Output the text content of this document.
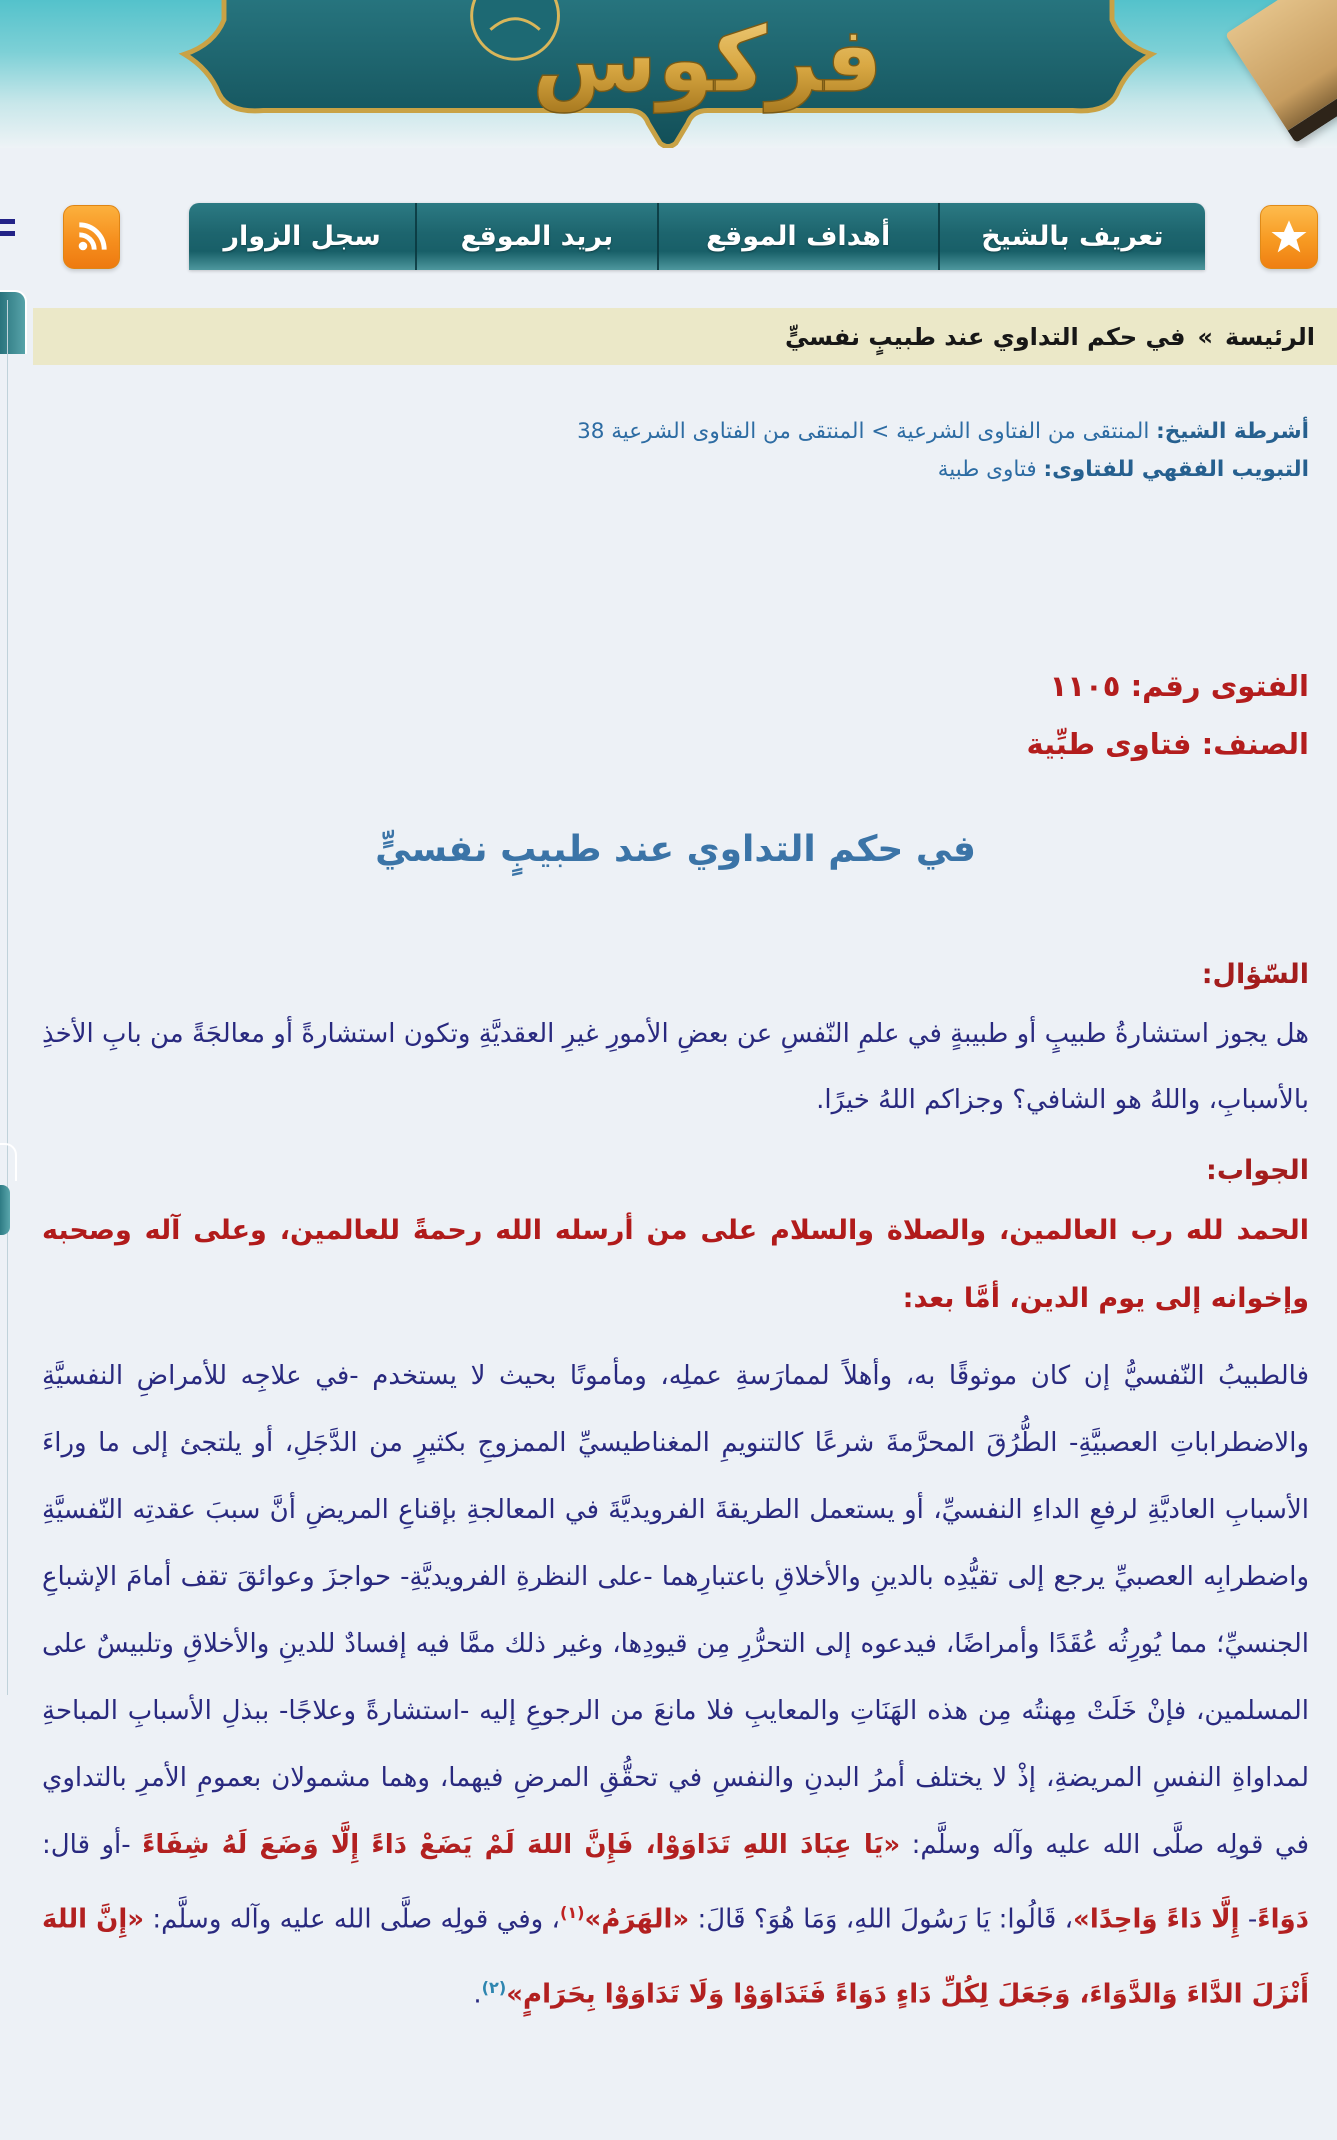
فركوس
تعريف بالشيخ
أهداف الموقع
بريد الموقع
سجل الزوار
الرئيسة
»
في حكم التداوي عند طبيبٍ نفسيٍّ
أشرطة الشيخ: المنتقى من الفتاوى الشرعية > المنتقى من الفتاوى الشرعية 38
التبويب الفقهي للفتاوى: فتاوى طبية
الفتوى رقم: ١١٠٥
الصنف: فتاوى طبِّية
في حكم التداوي عند طبيبٍ نفسيٍّ
السّؤال:

هل يجوز استشارةُ طبيبٍ أو طبيبةٍ في علمِ النّفسِ عن بعضِ الأمورِ غيرِ العقديَّةِ وتكون استشارةً أو معالجَةً من بابِ الأخذِ بالأسبابِ، واللهُ هو الشافي؟ وجزاكم اللهُ خيرًا.

الجواب:

الحمد لله رب العالمين، والصلاة والسلام على من أرسله الله رحمةً للعالمين، وعلى آله وصحبه وإخوانه إلى يوم الدين، أمَّا بعد:

فالطبيبُ النّفسيُّ إن كان موثوقًا به، وأهلاً لممارَسةِ عملِه، ومأمونًا بحيث لا يستخدم -في علاجِه للأمراضِ النفسيَّةِ والاضطراباتِ العصبيَّةِ- الطُّرُقَ المحرَّمةَ شرعًا كالتنويمِ المغناطيسيِّ الممزوجِ بكثيرٍ من الدَّجَلِ، أو يلتجئ إلى ما وراءَ الأسبابِ العاديَّةِ لرفعِ الداءِ النفسيِّ، أو يستعمل الطريقةَ الفرويديَّةَ في المعالجةِ بإقناعِ المريضِ أنَّ سببَ عقدتِه النّفسيَّةِ واضطرابِه العصبيِّ يرجع إلى تقيُّدِه بالدينِ والأخلاقِ باعتبارِهما -على النظرةِ الفرويديَّةِ- حواجزَ وعوائقَ تقف أمامَ الإشباعِ الجنسيِّ؛ مما يُورِثُه عُقَدًا وأمراضًا، فيدعوه إلى التحرُّرِ مِن قيودِها، وغير ذلك ممَّا فيه إفسادٌ للدينِ والأخلاقِ وتلبيسٌ على المسلمين، فإنْ خَلَتْ مِهنتُه مِن هذه الهَنَاتِ والمعايبِ فلا مانعَ من الرجوعِ إليه -استشارةً وعلاجًا- ببذلِ الأسبابِ المباحةِ لمداواةِ النفسِ المريضةِ، إذْ لا يختلف أمرُ البدنِ والنفسِ في تحقُّقِ المرضِ فيهما، وهما مشمولان بعمومِ الأمرِ بالتداوي في قولِه صلَّى الله عليه وآله وسلَّم: «يَا عِبَادَ اللهِ تَدَاوَوْا، فَإِنَّ اللهَ لَمْ يَضَعْ دَاءً إِلَّا وَضَعَ لَهُ شِفَاءً -أو قال: دَوَاءً- إِلَّا دَاءً وَاحِدًا»، قَالُوا: يَا رَسُولَ اللهِ، وَمَا هُوَ؟ قَالَ: «الهَرَمُ»$^{(١)}$، وفي قولِه صلَّى الله عليه وآله وسلَّم: «إِنَّ اللهَ أَنْزَلَ الدَّاءَ وَالدَّوَاءَ، وَجَعَلَ لِكُلِّ دَاءٍ دَوَاءً فَتَدَاوَوْا وَلَا تَدَاوَوْا بِحَرَامٍ»$^{(٢)}$.
